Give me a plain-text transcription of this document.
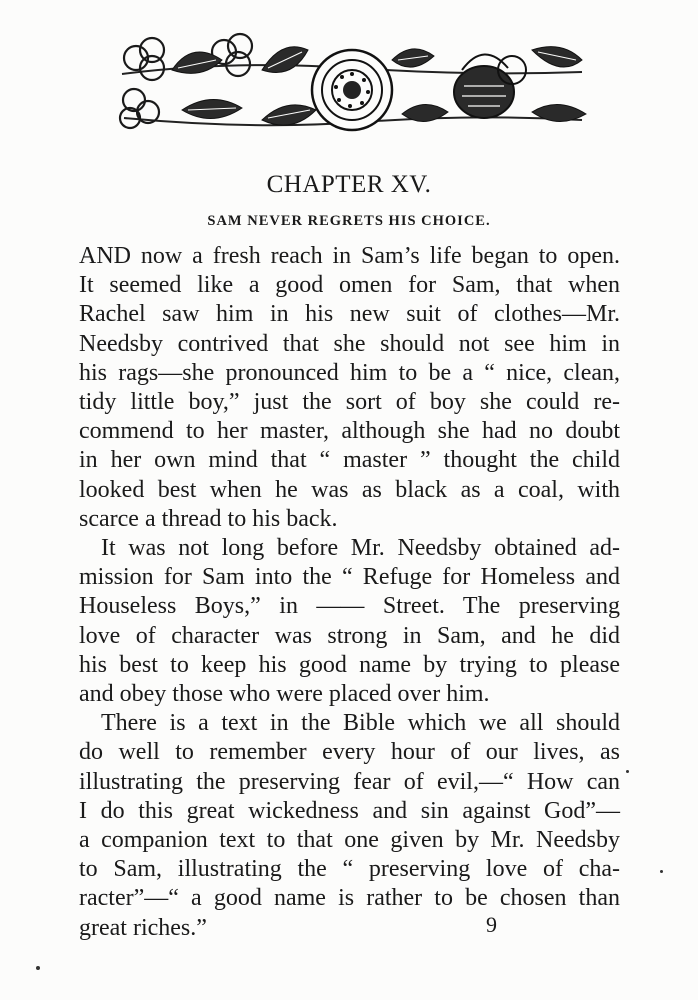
CHAPTER XV.
SAM NEVER REGRETS HIS CHOICE.
AND now a fresh reach in Sam’s life began to open.
It seemed like a good omen for Sam, that when
Rachel saw him in his new suit of clothes—Mr.
Needsby contrived that she should not see him in
his rags—she pronounced him to be a “ nice, clean,
tidy little boy,” just the sort of boy she could re-
commend to her master, although she had no doubt
in her own mind that “ master ” thought the child
looked best when he was as black as a coal, with
scarce a thread to his back.
It was not long before Mr. Needsby obtained ad-
mission for Sam into the “ Refuge for Homeless and
Houseless Boys,” in —— Street. The preserving
love of character was strong in Sam, and he did
his best to keep his good name by trying to please
and obey those who were placed over him.
There is a text in the Bible which we all should
do well to remember every hour of our lives, as
illustrating the preserving fear of evil,—“ How can
I do this great wickedness and sin against God”—
a companion text to that one given by Mr. Needsby
to Sam, illustrating the “ preserving love of cha-
racter”—“ a good name is rather to be chosen than
great riches.”	9
